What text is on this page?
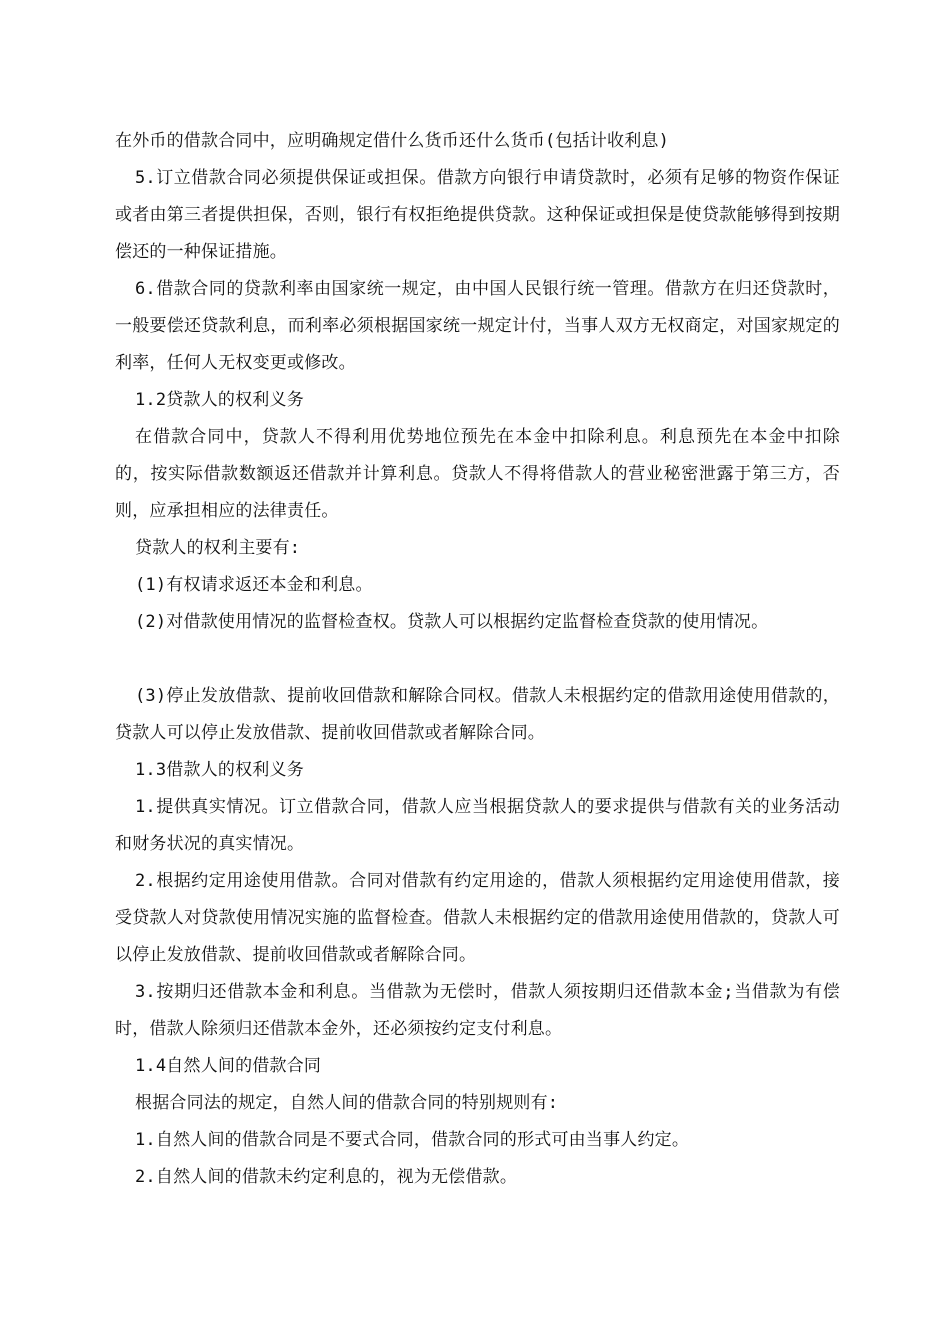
在外币的借款合同中，应明确规定借什么货币还什么货币(包括计收利息)

5.订立借款合同必须提供保证或担保。借款方向银行申请贷款时，必须有足够的物资作保证或者由第三者提供担保，否则，银行有权拒绝提供贷款。这种保证或担保是使贷款能够得到按期偿还的一种保证措施。

6.借款合同的贷款利率由国家统一规定，由中国人民银行统一管理。借款方在归还贷款时，一般要偿还贷款利息，而利率必须根据国家统一规定计付，当事人双方无权商定，对国家规定的利率，任何人无权变更或修改。

1.2贷款人的权利义务

在借款合同中，贷款人不得利用优势地位预先在本金中扣除利息。利息预先在本金中扣除的，按实际借款数额返还借款并计算利息。贷款人不得将借款人的营业秘密泄露于第三方，否则，应承担相应的法律责任。

贷款人的权利主要有:

(1)有权请求返还本金和利息。

(2)对借款使用情况的监督检查权。贷款人可以根据约定监督检查贷款的使用情况。

(3)停止发放借款、提前收回借款和解除合同权。借款人未根据约定的借款用途使用借款的，贷款人可以停止发放借款、提前收回借款或者解除合同。

1.3借款人的权利义务

1.提供真实情况。订立借款合同，借款人应当根据贷款人的要求提供与借款有关的业务活动和财务状况的真实情况。

2.根据约定用途使用借款。合同对借款有约定用途的，借款人须根据约定用途使用借款，接受贷款人对贷款使用情况实施的监督检查。借款人未根据约定的借款用途使用借款的，贷款人可以停止发放借款、提前收回借款或者解除合同。

3.按期归还借款本金和利息。当借款为无偿时，借款人须按期归还借款本金;当借款为有偿时，借款人除须归还借款本金外，还必须按约定支付利息。

1.4自然人间的借款合同

根据合同法的规定，自然人间的借款合同的特别规则有:

1.自然人间的借款合同是不要式合同，借款合同的形式可由当事人约定。

2.自然人间的借款未约定利息的，视为无偿借款。
